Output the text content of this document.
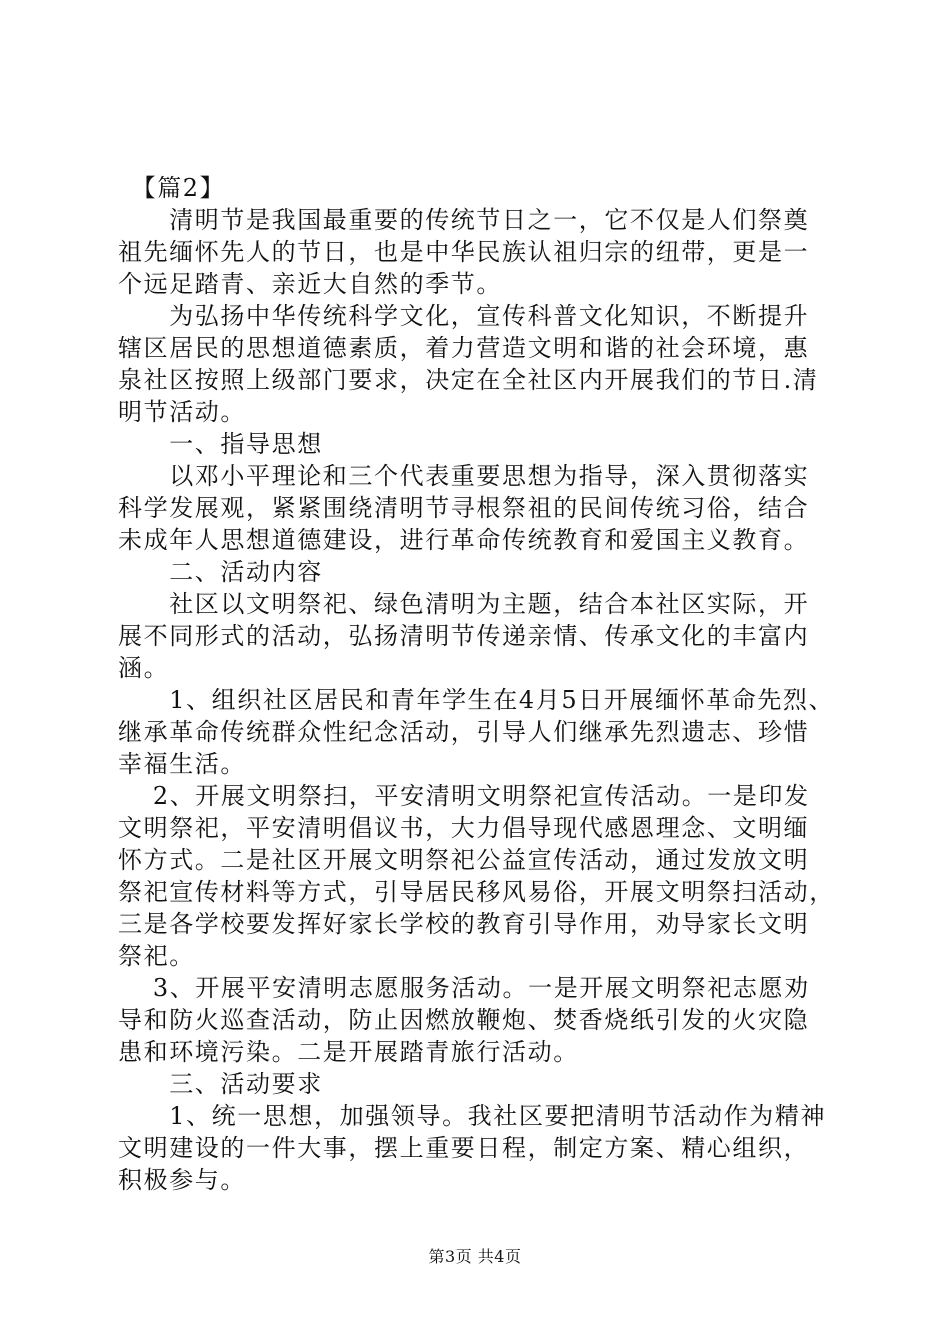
　【篇2】
　　清明节是我国最重要的传统节日之一，它不仅是人们祭奠
祖先缅怀先人的节日，也是中华民族认祖归宗的纽带，更是一
个远足踏青、亲近大自然的季节。
　　为弘扬中华传统科学文化，宣传科普文化知识，不断提升
辖区居民的思想道德素质，着力营造文明和谐的社会环境，惠
泉社区按照上级部门要求，决定在全社区内开展我们的节日.清
明节活动。
　　一、指导思想
　　以邓小平理论和三个代表重要思想为指导，深入贯彻落实
科学发展观，紧紧围绕清明节寻根祭祖的民间传统习俗，结合
未成年人思想道德建设，进行革命传统教育和爱国主义教育。
　　二、活动内容
　　社区以文明祭祀、绿色清明为主题，结合本社区实际，开
展不同形式的活动，弘扬清明节传递亲情、传承文化的丰富内
涵。
　　1、组织社区居民和青年学生在4月5日开展缅怀革命先烈、
继承革命传统群众性纪念活动，引导人们继承先烈遗志、珍惜
幸福生活。
　 2、开展文明祭扫，平安清明文明祭祀宣传活动。一是印发
文明祭祀，平安清明倡议书，大力倡导现代感恩理念、文明缅
怀方式。二是社区开展文明祭祀公益宣传活动，通过发放文明
祭祀宣传材料等方式，引导居民移风易俗，开展文明祭扫活动，
三是各学校要发挥好家长学校的教育引导作用，劝导家长文明
祭祀。
　 3、开展平安清明志愿服务活动。一是开展文明祭祀志愿劝
导和防火巡查活动，防止因燃放鞭炮、焚香烧纸引发的火灾隐
患和环境污染。二是开展踏青旅行活动。
　　三、活动要求
　　1、统一思想，加强领导。我社区要把清明节活动作为精神
文明建设的一件大事，摆上重要日程，制定方案、精心组织，
积极参与。
第3页 共4页
